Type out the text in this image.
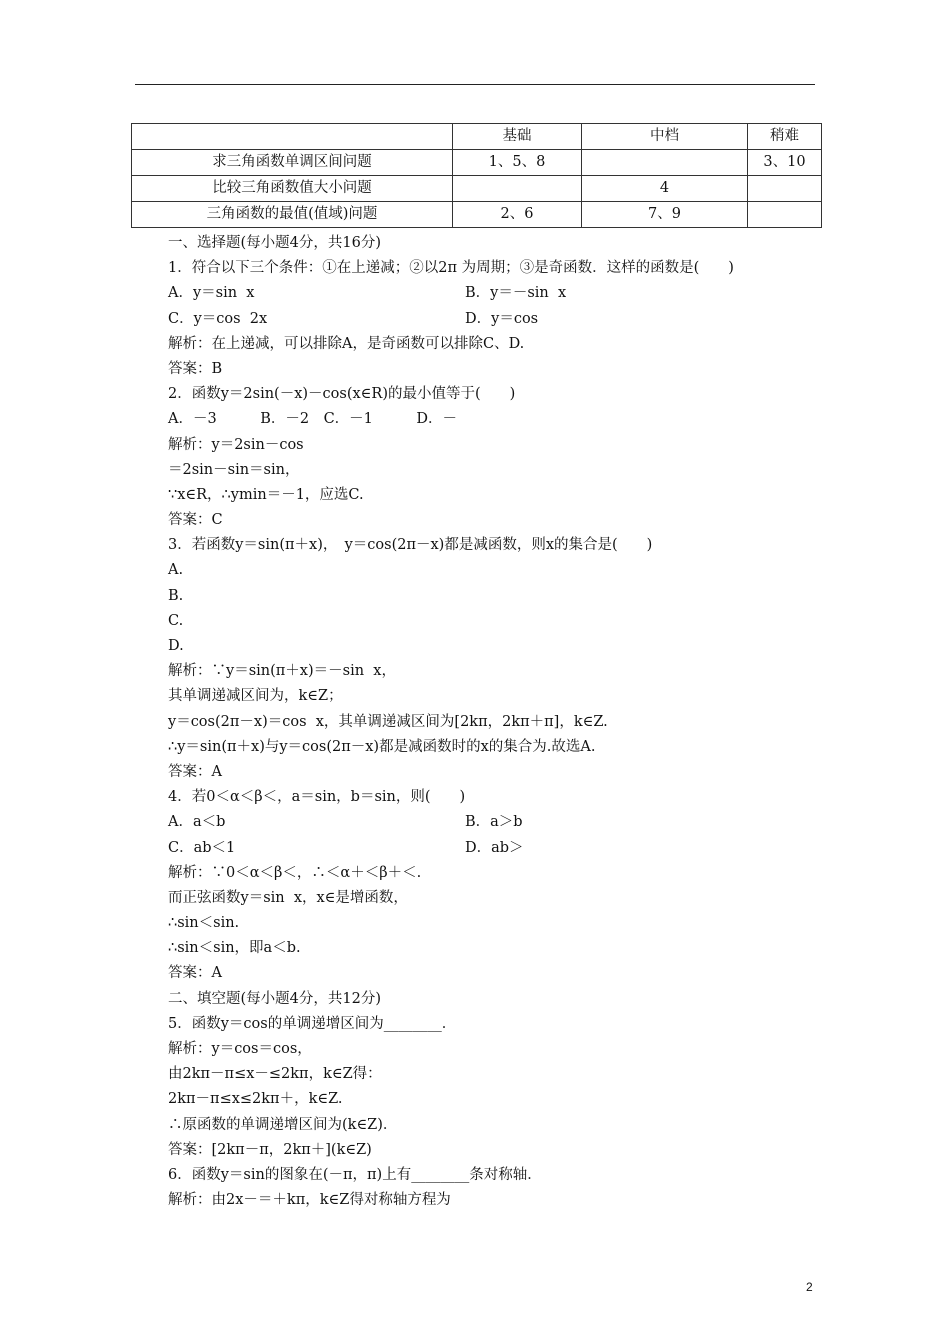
	基础	中档	稍难
求三角函数单调区间问题	1、5、8		3、10
比较三角函数值大小问题		4	
三角函数的最值(值域)问题	2、6	7、9	
一、选择题(每小题4分，共16分)
1．符合以下三个条件：①在上递减；②以2π 为周期；③是奇函数．这样的函数是(　　)
A．y＝sin  x	B．y＝－sin  x
C．y＝cos  2x	D．y＝cos
解析：在上递减，可以排除A，是奇函数可以排除C、D.
答案：B
2．函数y＝2sin(－x)－cos(x∈R)的最小值等于(　　)
A．－3　　　B．－2　C．－1　　　D．－
解析：y＝2sin－cos
＝2sin－sin＝sin，
∵x∈R，∴ymin＝－1，应选C.
答案：C
3．若函数y＝sin(π＋x)，　y＝cos(2π－x)都是减函数，则x的集合是(　　)
A.
B.
C.
D.
解析：∵y＝sin(π＋x)＝－sin  x，
其单调递减区间为，k∈Z；
y＝cos(2π－x)＝cos  x，其单调递减区间为[2kπ，2kπ＋π]，k∈Z.
∴y＝sin(π＋x)与y＝cos(2π－x)都是减函数时的x的集合为.故选A.
答案：A
4．若0＜α＜β＜，a＝sin，b＝sin，则(　　)
A．a＜b	B．a＞b
C．ab＜1	D．ab＞
解析：∵0＜α＜β＜，∴＜α＋＜β＋＜.
而正弦函数y＝sin  x，x∈是增函数，
∴sin＜sin.
∴sin＜sin，即a＜b.
答案：A
二、填空题(每小题4分，共12分)
5．函数y＝cos的单调递增区间为________．
解析：y＝cos＝cos，
由2kπ－π≤x－≤2kπ，k∈Z得：
2kπ－π≤x≤2kπ＋，k∈Z.
∴原函数的单调递增区间为(k∈Z)．
答案：[2kπ－π，2kπ＋](k∈Z)
6．函数y＝sin的图象在(－π，π)上有________条对称轴．
解析：由2x－＝＋kπ，k∈Z得对称轴方程为
2
